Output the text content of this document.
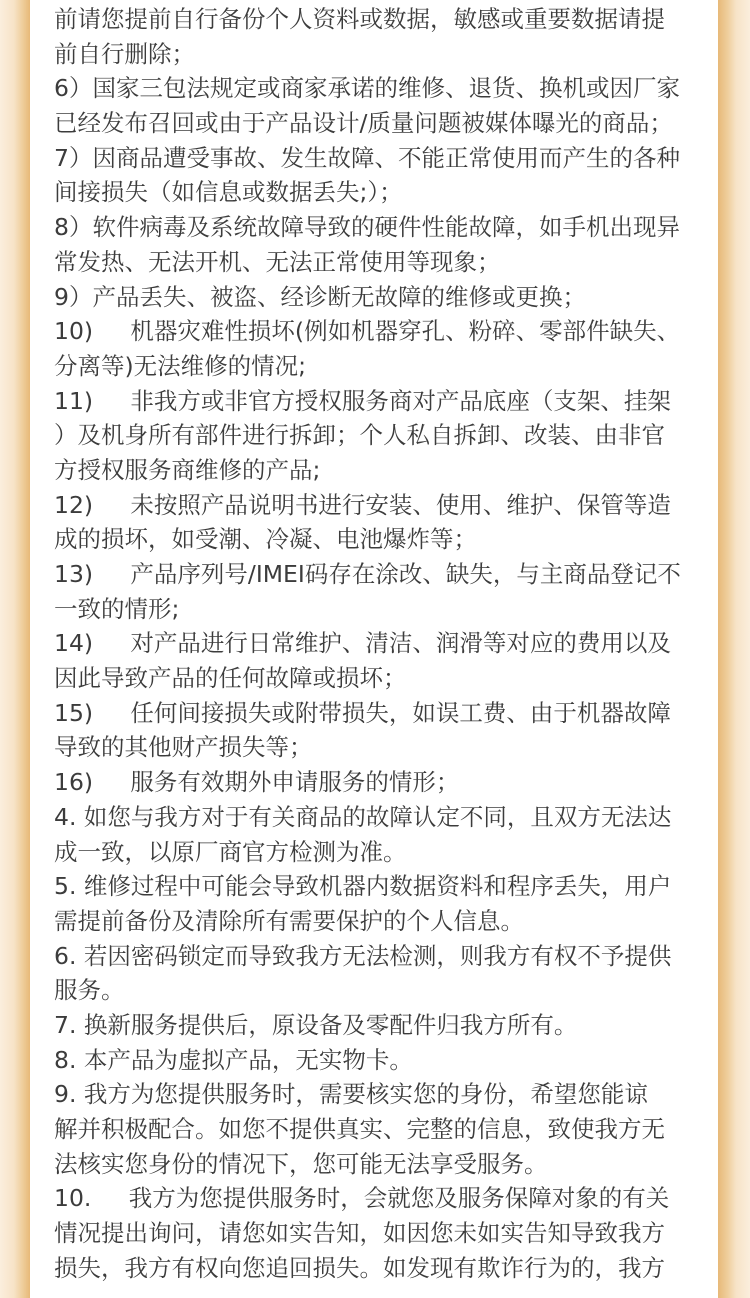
前请您提前自行备份个人资料或数据，敏感或重要数据请提
前自行删除；
6）国家三包法规定或商家承诺的维修、退货、换机或因厂家
已经发布召回或由于产品设计/质量问题被媒体曝光的商品；
7）因商品遭受事故、发生故障、不能正常使用而产生的各种
间接损失（如信息或数据丢失;）；
8）软件病毒及系统故障导致的硬件性能故障，如手机出现异
常发热、无法开机、无法正常使用等现象；
9）产品丢失、被盗、经诊断无故障的维修或更换；
10)     机器灾难性损坏(例如机器穿孔、粉碎、零部件缺失、
分离等)无法维修的情况;
11)     非我方或非官方授权服务商对产品底座（支架、挂架
）及机身所有部件进行拆卸；个人私自拆卸、改装、由非官
方授权服务商维修的产品;
12)     未按照产品说明书进行安装、使用、维护、保管等造
成的损坏，如受潮、冷凝、电池爆炸等；
13)     产品序列号/IMEI码存在涂改、缺失，与主商品登记不
一致的情形;
14)     对产品进行日常维护、清洁、润滑等对应的费用以及
因此导致产品的任何故障或损坏；
15)     任何间接损失或附带损失，如误工费、由于机器故障
导致的其他财产损失等；
16)     服务有效期外申请服务的情形；
4. 如您与我方对于有关商品的故障认定不同，且双方无法达
成一致，以原厂商官方检测为准。
5. 维修过程中可能会导致机器内数据资料和程序丢失，用户
需提前备份及清除所有需要保护的个人信息。
6. 若因密码锁定而导致我方无法检测，则我方有权不予提供
服务。
7. 换新服务提供后，原设备及零配件归我方所有。
8. 本产品为虚拟产品，无实物卡。
9. 我方为您提供服务时，需要核实您的身份，希望您能谅
解并积极配合。如您不提供真实、完整的信息，致使我方无
法核实您身份的情况下，您可能无法享受服务。
10.     我方为您提供服务时，会就您及服务保障对象的有关
情况提出询问，请您如实告知，如因您未如实告知导致我方
损失，我方有权向您追回损失。如发现有欺诈行为的，我方
